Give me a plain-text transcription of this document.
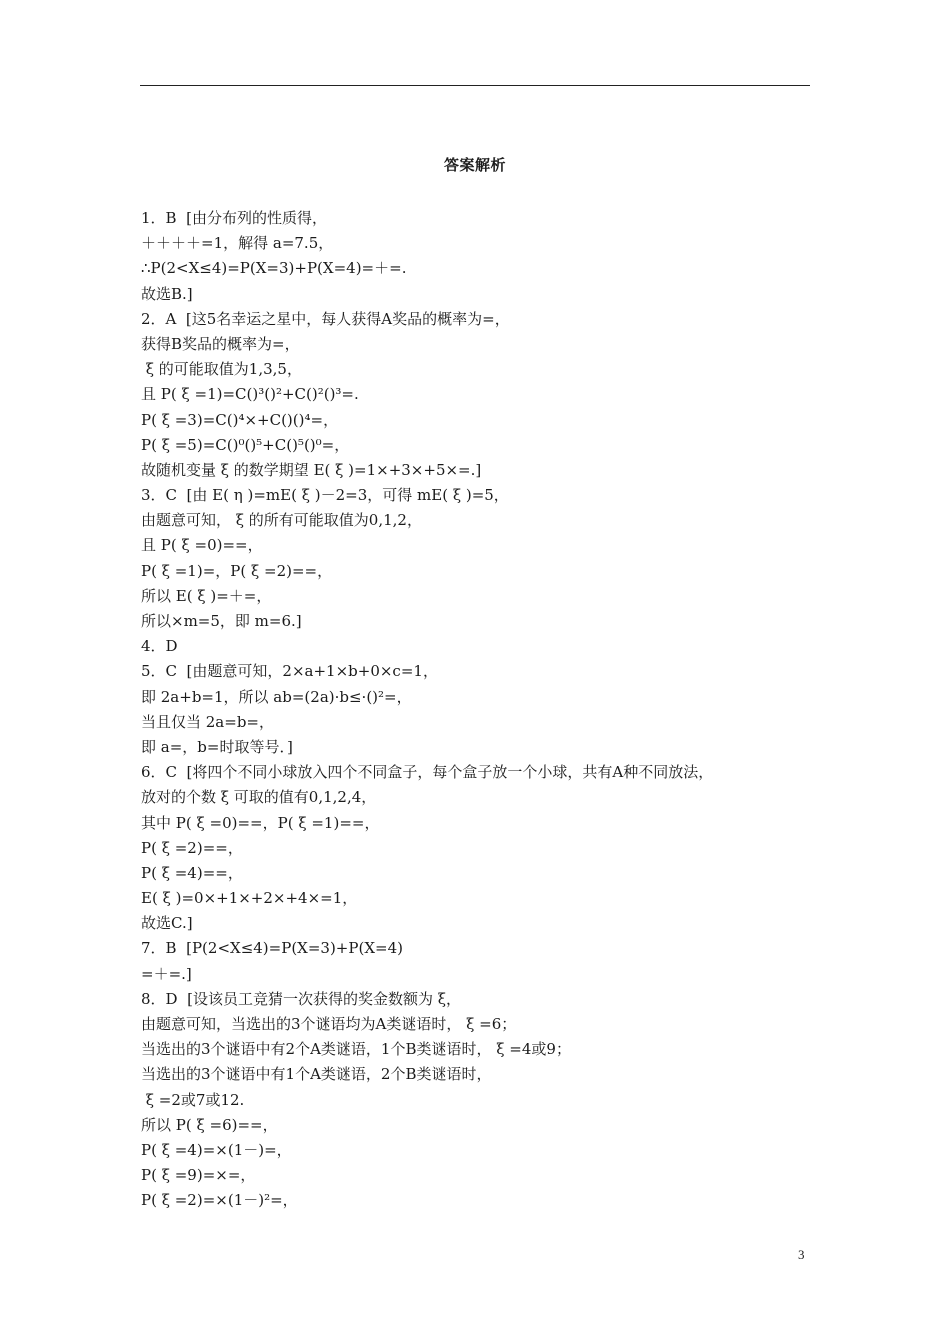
答案解析
1．B  [由分布列的性质得，
＋＋＋＋=1，解得 a=7.5，
∴P(2<X≤4)=P(X=3)+P(X=4)=＋=.
故选B.]
2．A  [这5名幸运之星中，每人获得A奖品的概率为=，
获得B奖品的概率为=，
ξ 的可能取值为1,3,5，
且 P( ξ =1)=C()³()²+C()²()³=.
P( ξ =3)=C()⁴×+C()()⁴=，
P( ξ =5)=C()⁰()⁵+C()⁵()⁰=，
故随机变量 ξ 的数学期望 E( ξ )=1×+3×+5×=.]
3．C  [由 E( η )=mE( ξ )－2=3，可得 mE( ξ )=5，
由题意可知， ξ 的所有可能取值为0,1,2，
且 P( ξ =0)==，
P( ξ =1)=，P( ξ =2)==，
所以 E( ξ )=＋=，
所以×m=5，即 m=6.]
4．D
5．C  [由题意可知，2×a+1×b+0×c=1，
即 2a+b=1，所以 ab=(2a)·b≤·()²=，
当且仅当 2a=b=，
即 a=，b=时取等号．]
6．C  [将四个不同小球放入四个不同盒子，每个盒子放一个小球，共有A种不同放法，
放对的个数 ξ 可取的值有0,1,2,4，
其中 P( ξ =0)==，P( ξ =1)==，
P( ξ =2)==，
P( ξ =4)==，
E( ξ )=0×+1×+2×+4×=1，
故选C.]
7．B  [P(2<X≤4)=P(X=3)+P(X=4)
=＋=.]
8．D  [设该员工竞猜一次获得的奖金数额为 ξ，
由题意可知，当选出的3个谜语均为A类谜语时， ξ =6；
当选出的3个谜语中有2个A类谜语，1个B类谜语时， ξ =4或9；
当选出的3个谜语中有1个A类谜语，2个B类谜语时，
ξ =2或7或12.
所以 P( ξ =6)==，
P( ξ =4)=×(1－)=，
P( ξ =9)=×=，
P( ξ =2)=×(1－)²=，
3
